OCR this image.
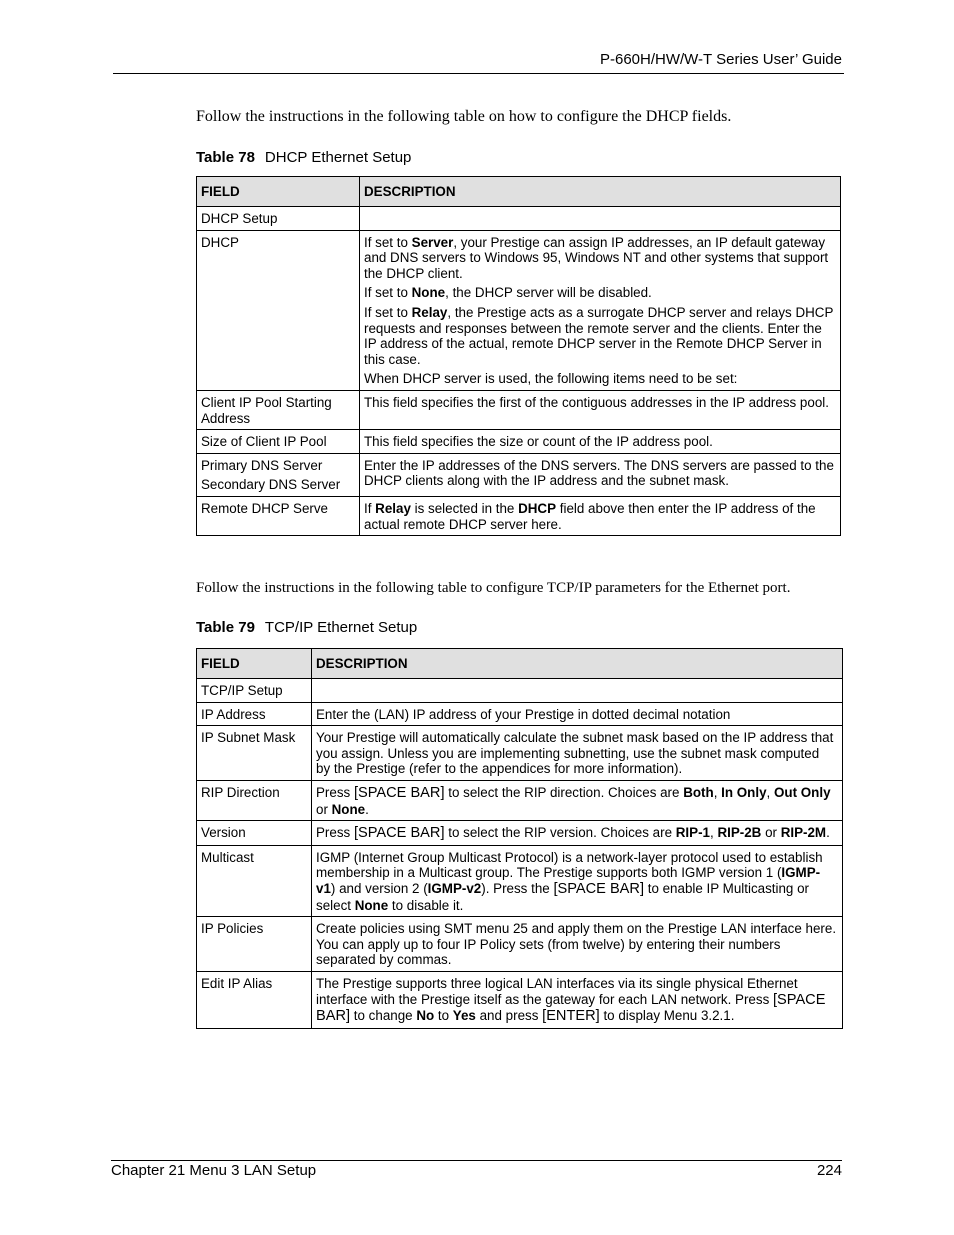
P-660H/HW/W-T Series User’ Guide
Follow the instructions in the following table on how to configure the DHCP fields.
Table 78 DHCP Ethernet Setup
FIELD	DESCRIPTION
DHCP Setup	
DHCP	If set to Server, your Prestige can assign IP addresses, an IP default gateway and DNS servers to Windows 95, Windows NT and other systems that support the DHCP client.

If set to None, the DHCP server will be disabled.

If set to Relay, the Prestige acts as a surrogate DHCP server and relays DHCP requests and responses between the remote server and the clients. Enter the IP address of the actual, remote DHCP server in the Remote DHCP Server in this case.

When DHCP server is used, the following items need to be set:

Client IP Pool Starting Address	This field specifies the first of the contiguous addresses in the IP address pool.
Size of Client IP Pool	This field specifies the size or count of the IP address pool.

Primary DNS Server

Secondary DNS Server	Enter the IP addresses of the DNS servers. The DNS servers are passed to the DHCP clients along with the IP address and the subnet mask.
Remote DHCP Serve	If Relay is selected in the DHCP field above then enter the IP address of the actual remote DHCP server here.
Follow the instructions in the following table to configure TCP/IP parameters for the Ethernet port.
Table 79 TCP/IP Ethernet Setup
FIELD	DESCRIPTION
TCP/IP Setup	
IP Address	Enter the (LAN) IP address of your Prestige in dotted decimal notation
IP Subnet Mask	Your Prestige will automatically calculate the subnet mask based on the IP address that you assign. Unless you are implementing subnetting, use the subnet mask computed by the Prestige (refer to the appendices for more information).
RIP Direction	Press [SPACE BAR] to select the RIP direction. Choices are Both, In Only, Out Only or None.
Version	Press [SPACE BAR] to select the RIP version. Choices are RIP-1, RIP-2B or RIP-2M.
Multicast	IGMP (Internet Group Multicast Protocol) is a network-layer protocol used to establish membership in a Multicast group. The Prestige supports both IGMP version 1 (IGMP-v1) and version 2 (IGMP-v2). Press the [SPACE BAR] to enable IP Multicasting or select None to disable it.
IP Policies	Create policies using SMT menu 25 and apply them on the Prestige LAN interface here. You can apply up to four IP Policy sets (from twelve) by entering their numbers separated by commas.
Edit IP Alias	The Prestige supports three logical LAN interfaces via its single physical Ethernet interface with the Prestige itself as the gateway for each LAN network. Press [SPACE BAR] to change No to Yes and press [ENTER] to display Menu 3.2.1.
Chapter 21 Menu 3 LAN Setup	224
